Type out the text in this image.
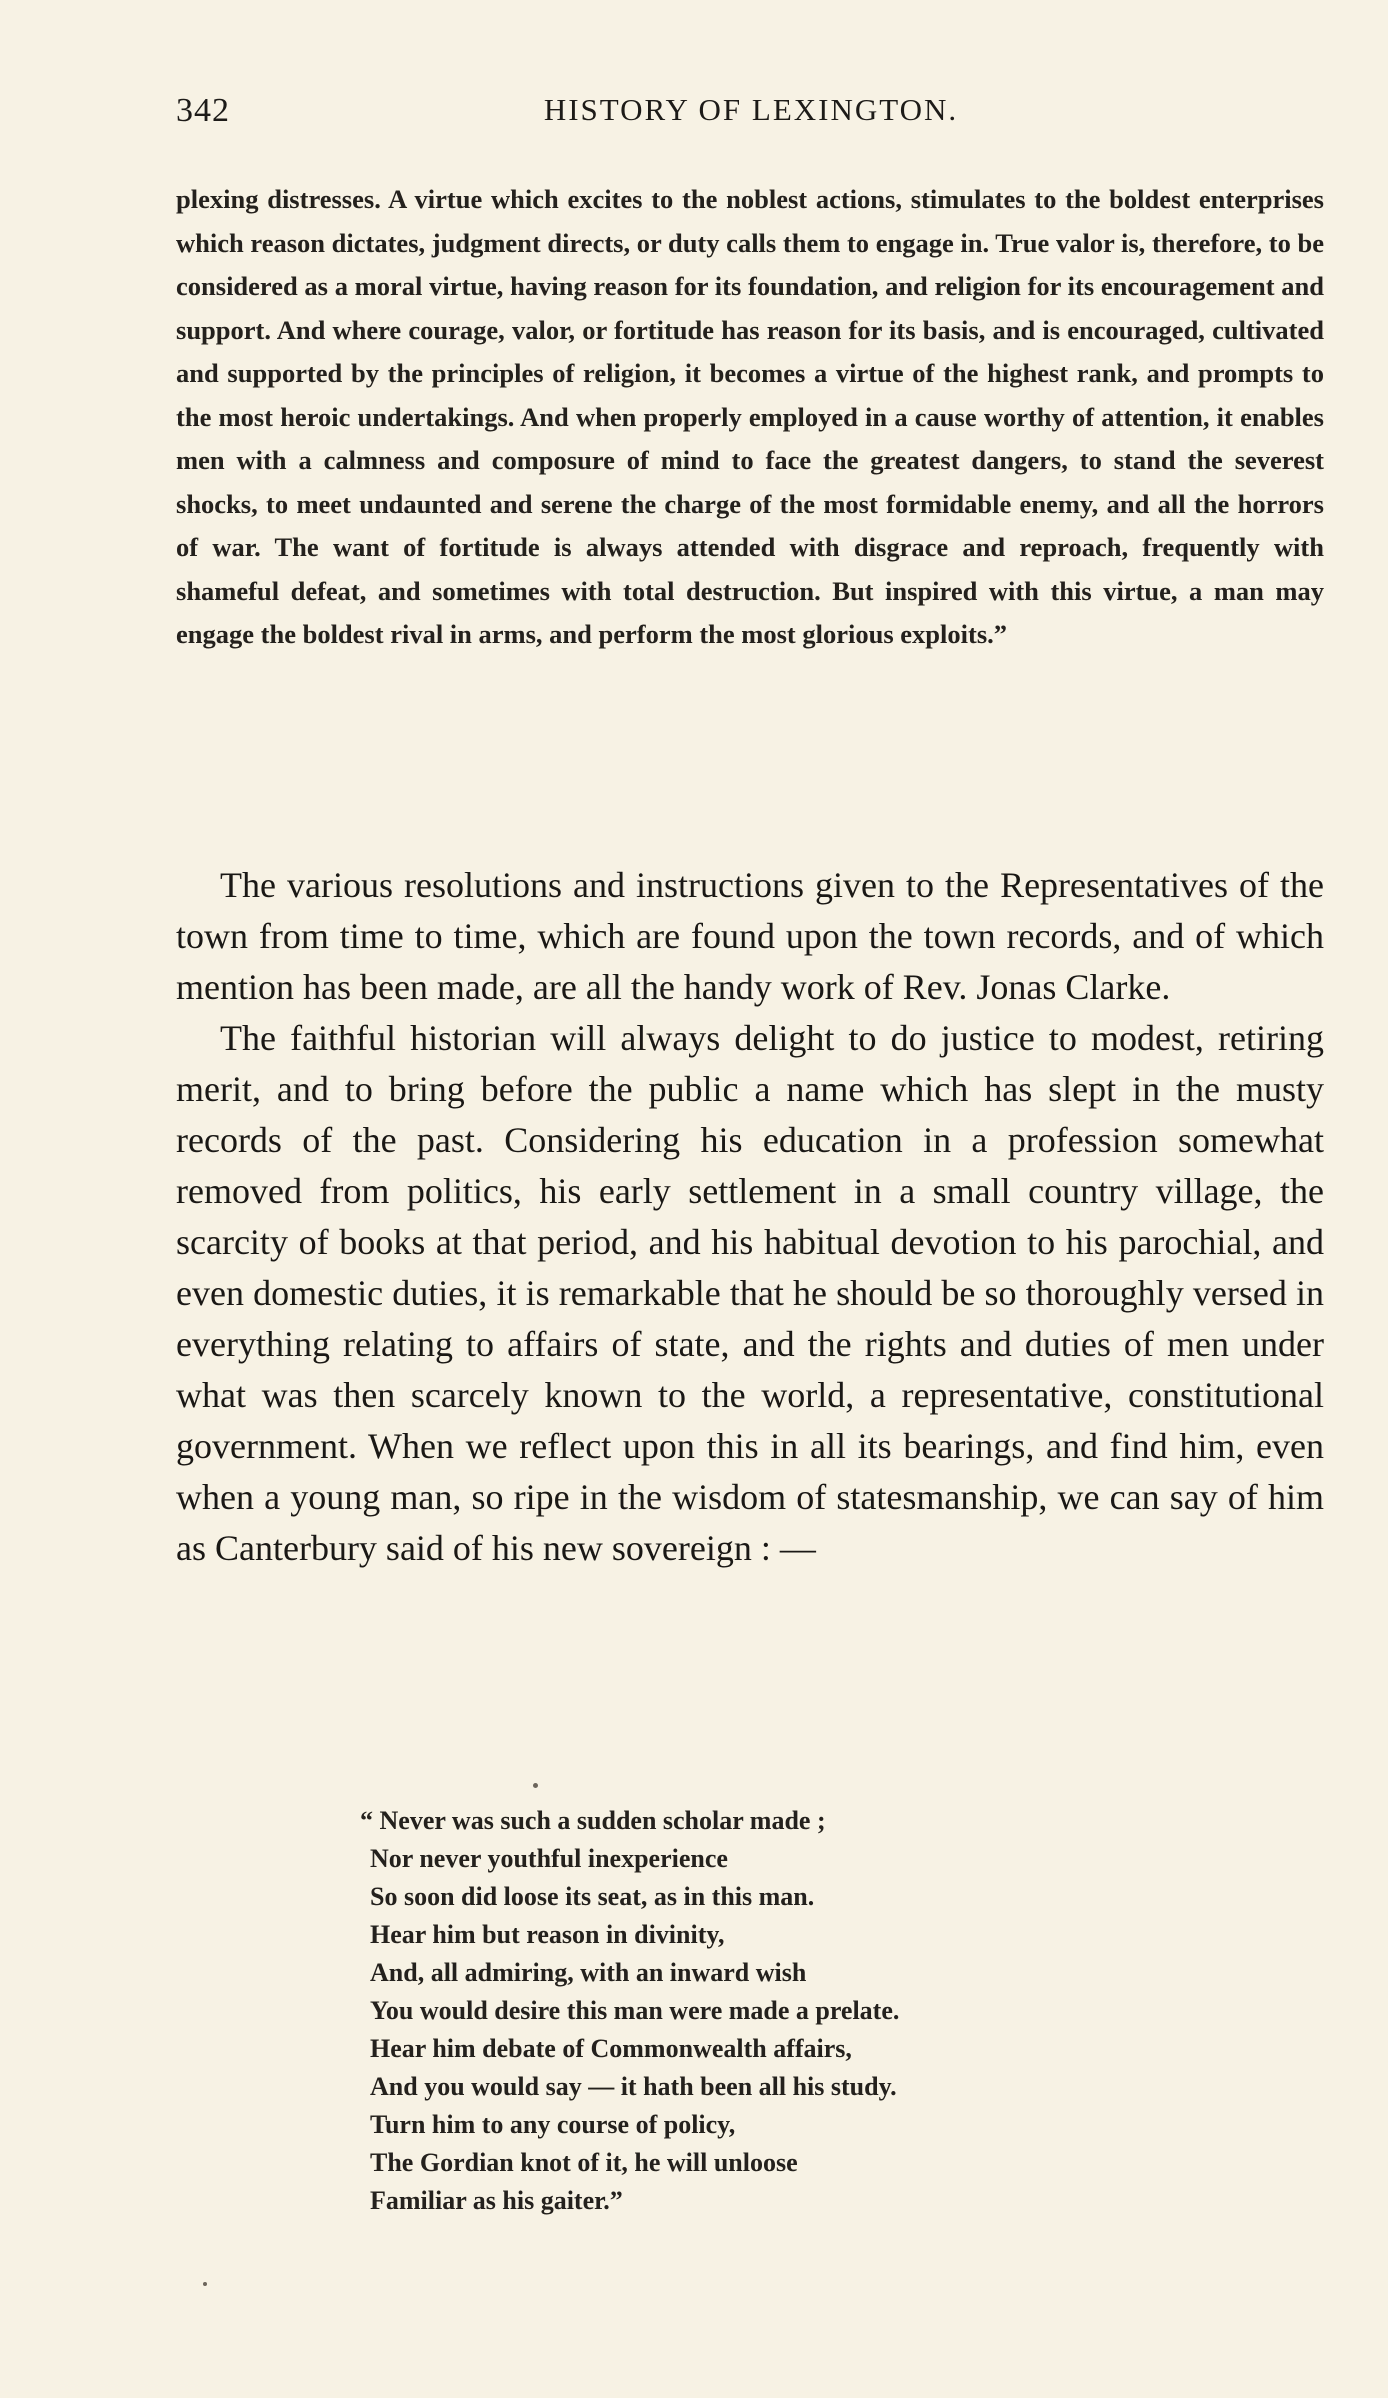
342	HISTORY OF LEXINGTON.

plexing distresses. A virtue which excites to the noblest actions, stimulates to the boldest enterprises which reason dictates, judgment directs, or duty calls them to engage in. True valor is, therefore, to be considered as a moral virtue, having reason for its foundation, and religion for its encouragement and support. And where courage, valor, or fortitude has reason for its basis, and is encouraged, cultivated and supported by the principles of religion, it becomes a virtue of the highest rank, and prompts to the most heroic undertakings. And when properly employed in a cause worthy of attention, it enables men with a calmness and composure of mind to face the greatest dangers, to stand the severest shocks, to meet undaunted and serene the charge of the most formidable enemy, and all the horrors of war. The want of fortitude is always attended with disgrace and reproach, frequently with shameful defeat, and sometimes with total destruction. But inspired with this virtue, a man may engage the boldest rival in arms, and perform the most glorious exploits.”

The various resolutions and instructions given to the Representatives of the town from time to time, which are found upon the town records, and of which mention has been made, are all the handy work of Rev. Jonas Clarke.

The faithful historian will always delight to do justice to modest, retiring merit, and to bring before the public a name which has slept in the musty records of the past. Considering his education in a profession somewhat removed from politics, his early settlement in a small country village, the scarcity of books at that period, and his habitual devotion to his parochial, and even domestic duties, it is remarkable that he should be so thoroughly versed in everything relating to affairs of state, and the rights and duties of men under what was then scarcely known to the world, a representative, constitutional government. When we reflect upon this in all its bearings, and find him, even when a young man, so ripe in the wisdom of statesmanship, we can say of him as Canterbury said of his new sovereign : —

“ Never was such a sudden scholar made ;
Nor never youthful inexperience
So soon did loose its seat, as in this man.
Hear him but reason in divinity,
And, all admiring, with an inward wish
You would desire this man were made a prelate.
Hear him debate of Commonwealth affairs,
And you would say — it hath been all his study.
Turn him to any course of policy,
The Gordian knot of it, he will unloose
Familiar as his gaiter.”
